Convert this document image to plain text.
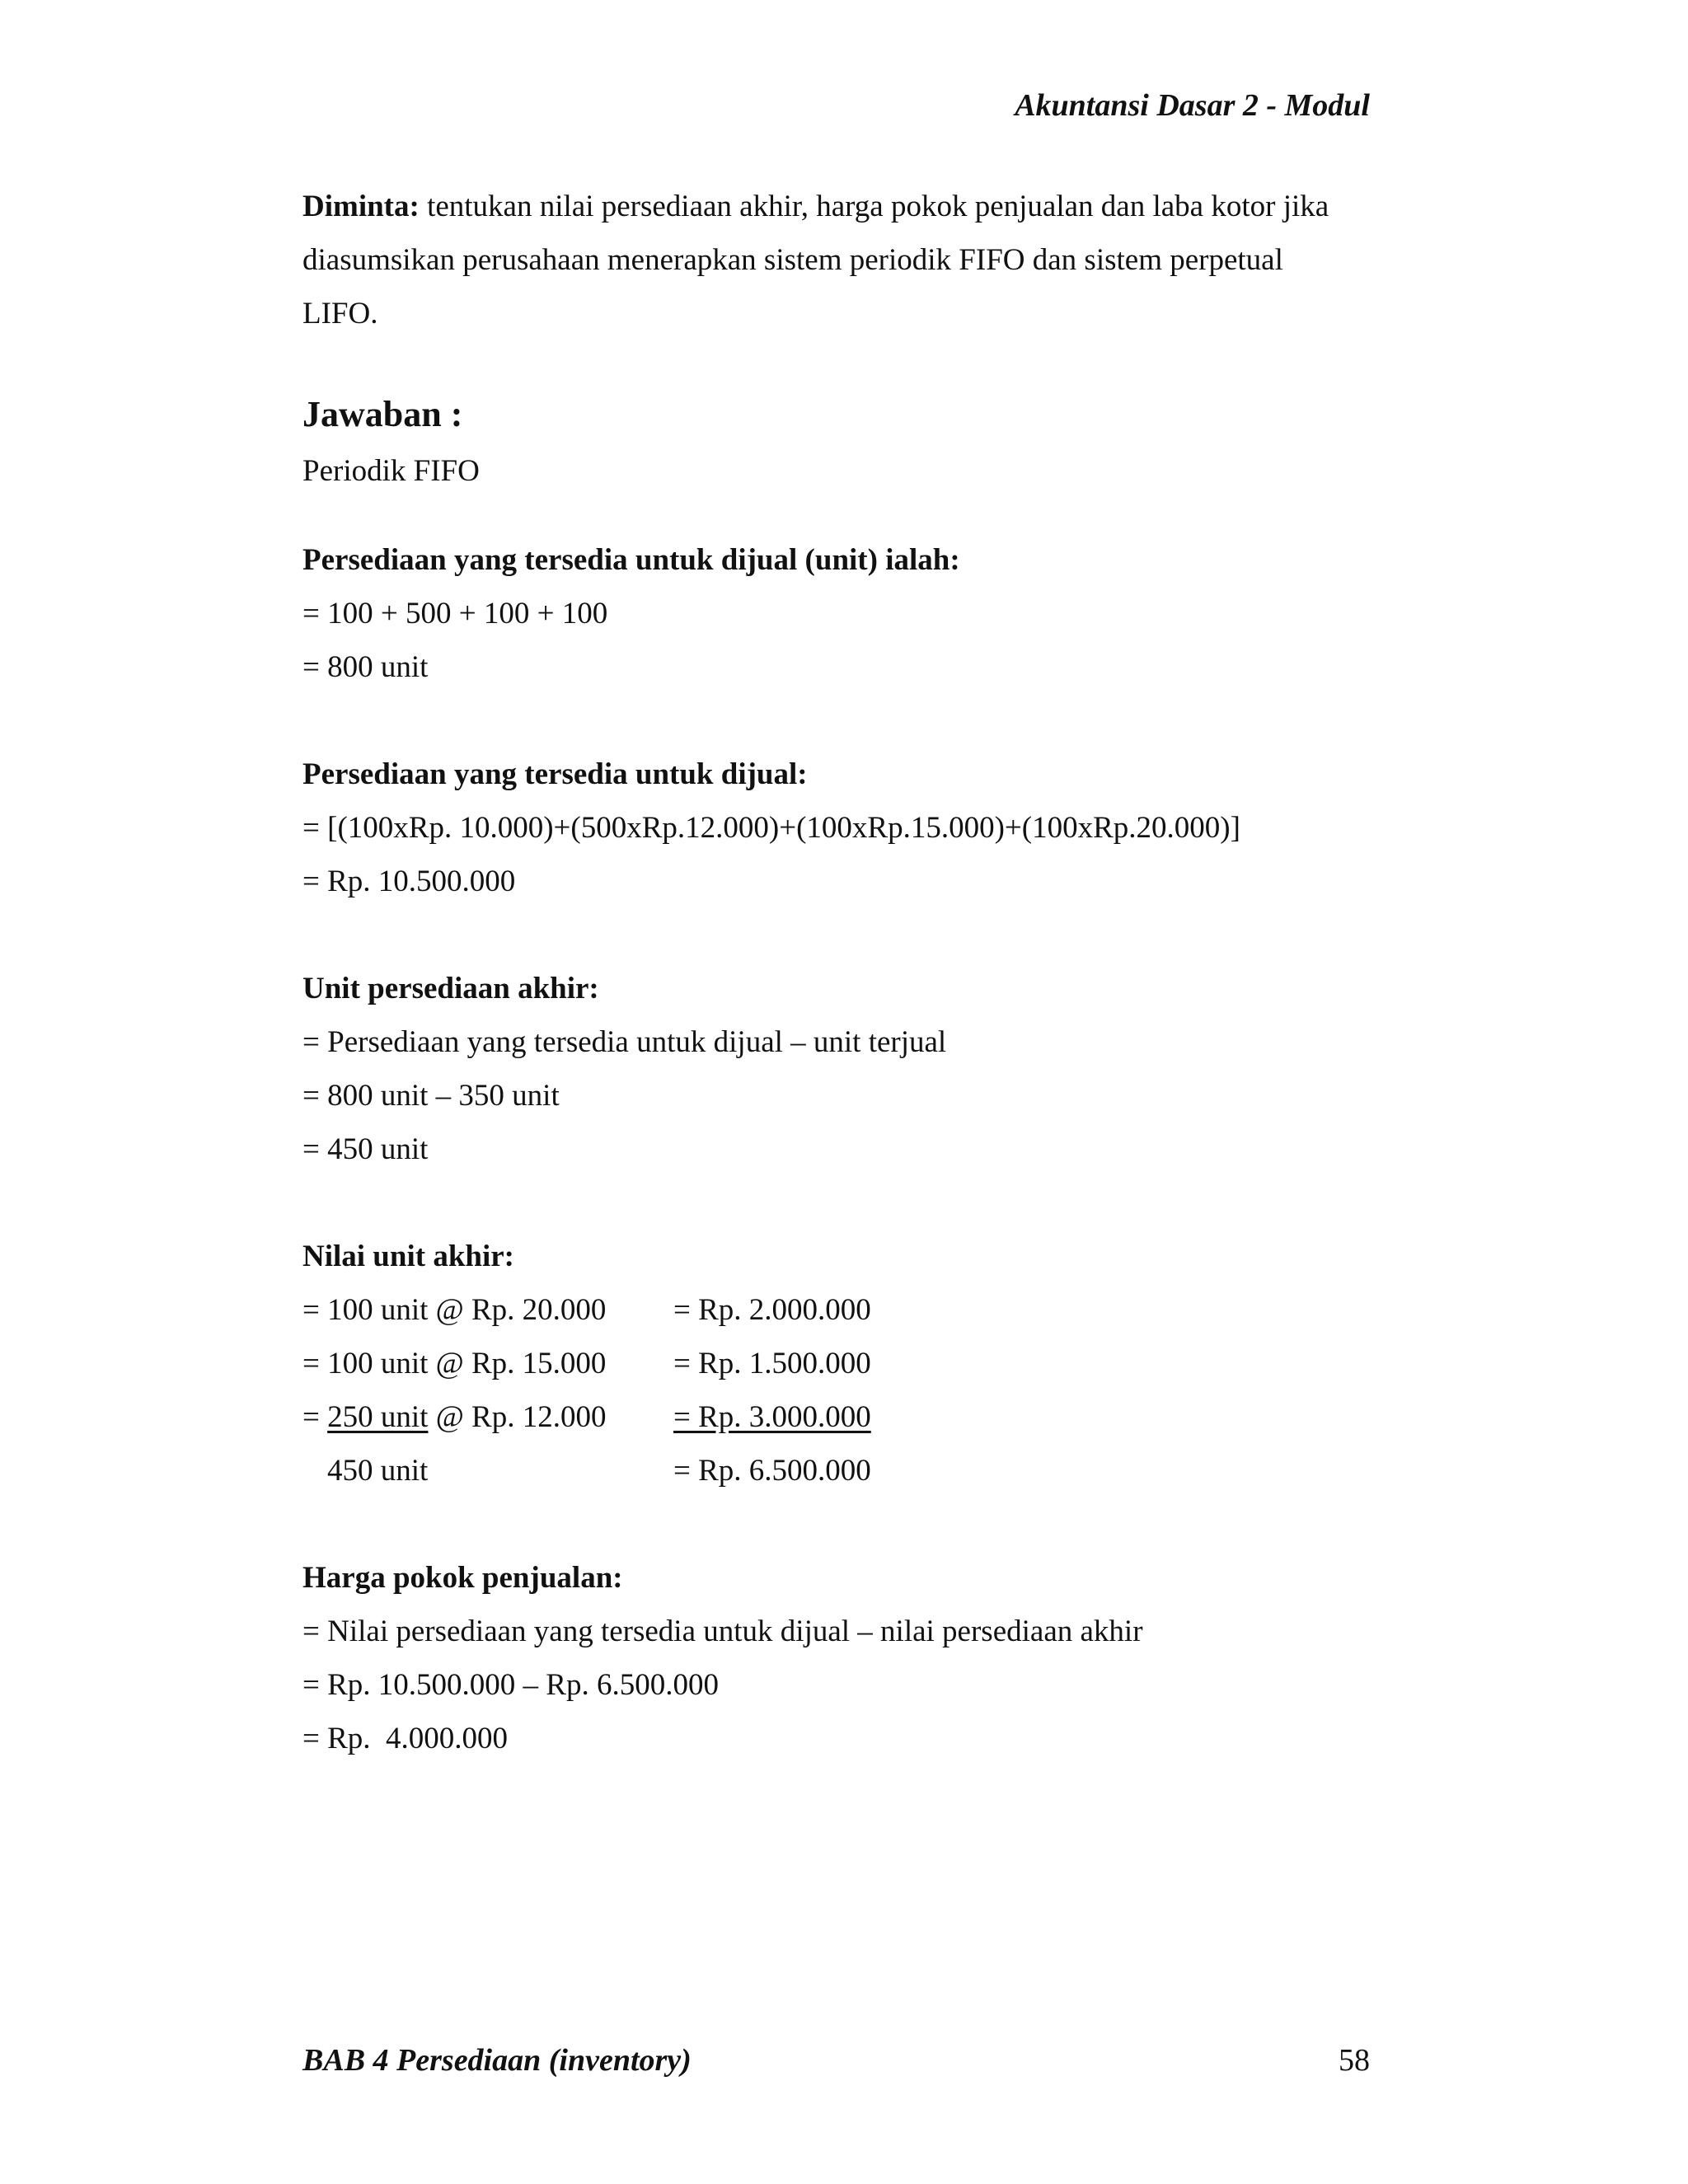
Akuntansi Dasar 2 - Modul
Diminta: tentukan nilai persediaan akhir, harga pokok penjualan dan laba kotor jika
diasumsikan perusahaan menerapkan sistem periodik FIFO dan sistem perpetual
LIFO.
Jawaban :
Periodik FIFO
Persediaan yang tersedia untuk dijual (unit) ialah:
= 100 + 500 + 100 + 100
= 800 unit
Persediaan yang tersedia untuk dijual:
= [(100xRp. 10.000)+(500xRp.12.000)+(100xRp.15.000)+(100xRp.20.000)]
= Rp. 10.500.000
Unit persediaan akhir:
= Persediaan yang tersedia untuk dijual – unit terjual
= 800 unit – 350 unit
= 450 unit
Nilai unit akhir:
= 100 unit @ Rp. 20.000 = Rp. 2.000.000
= 100 unit @ Rp. 15.000 = Rp. 1.500.000
= 250 unit @ Rp. 12.000 = Rp. 3.000.000
450 unit	= Rp. 6.500.000
Harga pokok penjualan:
= Nilai persediaan yang tersedia untuk dijual – nilai persediaan akhir
= Rp. 10.500.000 – Rp. 6.500.000
= Rp.  4.000.000
BAB 4 Persediaan (inventory)	58
